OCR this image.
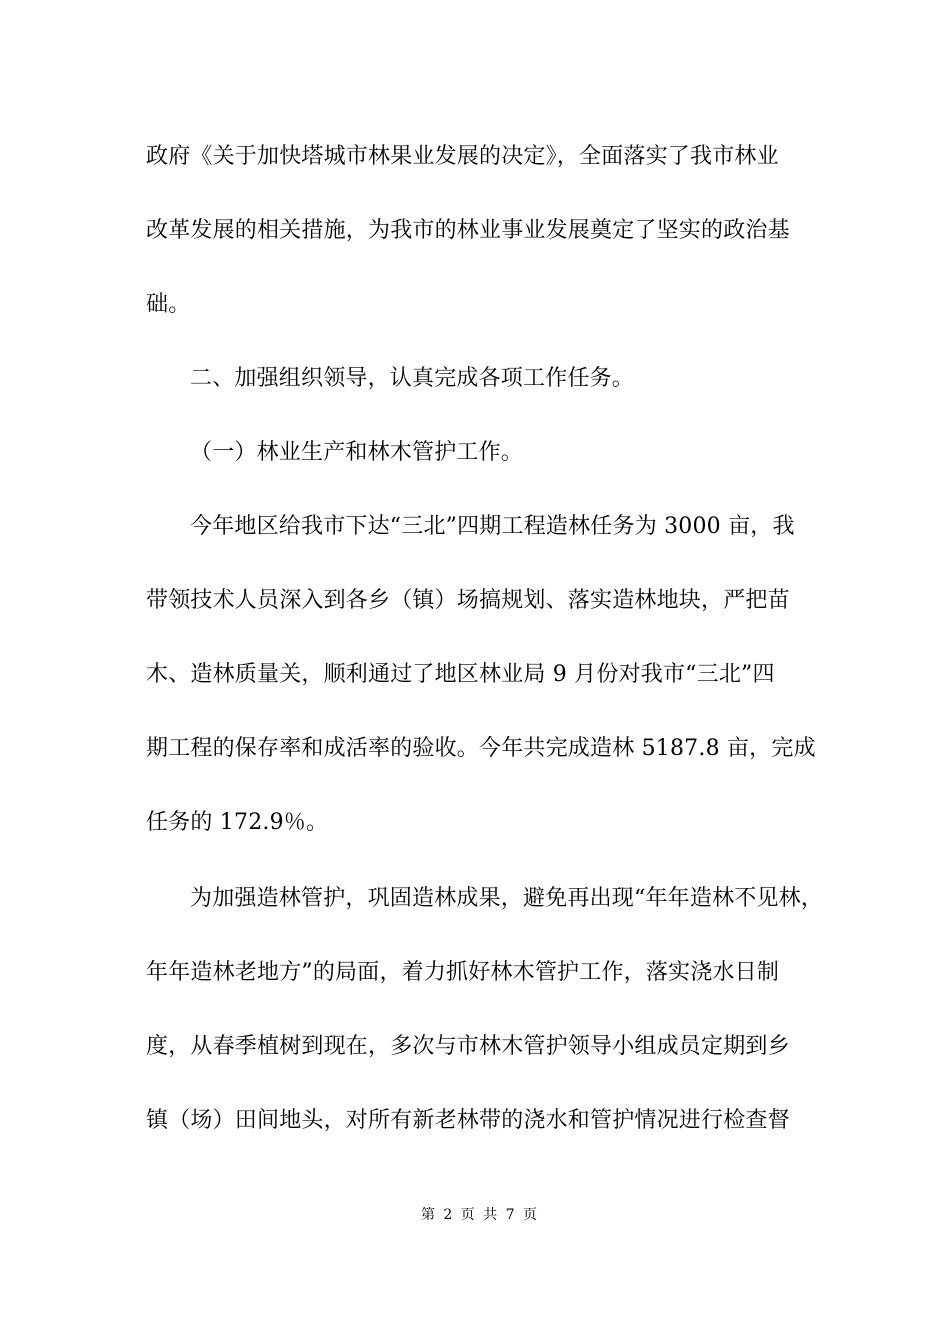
政府《关于加快塔城市林果业发展的决定》，全面落实了我市林业
改革发展的相关措施，为我市的林业事业发展奠定了坚实的政治基
础。
二、加强组织领导，认真完成各项工作任务。
（一）林业生产和林木管护工作。
今年地区给我市下达“三北”四期工程造林任务为 3000 亩，我
带领技术人员深入到各乡（镇）场搞规划、落实造林地块，严把苗
木、造林质量关，顺利通过了地区林业局 9 月份对我市“三北”四
期工程的保存率和成活率的验收。今年共完成造林 5187.8 亩，完成
任务的 172.9％。
为加强造林管护，巩固造林成果，避免再出现“年年造林不见林，
年年造林老地方”的局面，着力抓好林木管护工作，落实浇水日制
度，从春季植树到现在，多次与市林木管护领导小组成员定期到乡
镇（场）田间地头，对所有新老林带的浇水和管护情况进行检查督
第 2 页 共 7 页
